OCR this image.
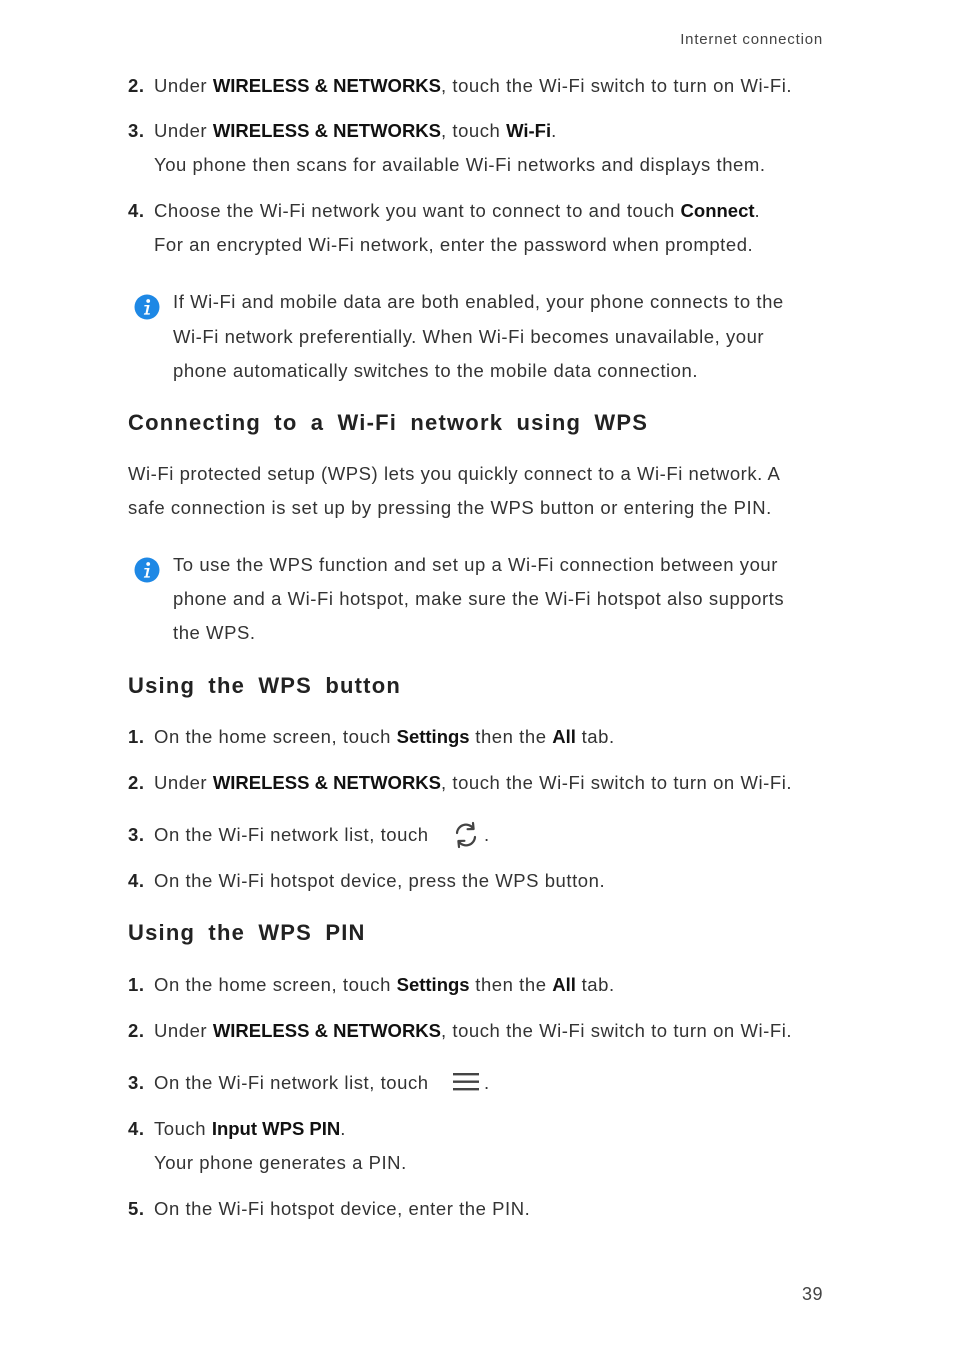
Internet connection
2. Under WIRELESS & NETWORKS, touch the Wi-Fi switch to turn on Wi-Fi.
3. Under WIRELESS & NETWORKS, touch Wi-Fi.
You phone then scans for available Wi-Fi networks and displays them.
4. Choose the Wi-Fi network you want to connect to and touch Connect.
For an encrypted Wi-Fi network, enter the password when prompted.
If Wi-Fi and mobile data are both enabled, your phone connects to the
Wi-Fi network preferentially. When Wi-Fi becomes unavailable, your
phone automatically switches to the mobile data connection.
Connecting to a Wi-Fi network using WPS
Wi-Fi protected setup (WPS) lets you quickly connect to a Wi-Fi network. A
safe connection is set up by pressing the WPS button or entering the PIN.
To use the WPS function and set up a Wi-Fi connection between your
phone and a Wi-Fi hotspot, make sure the Wi-Fi hotspot also supports
the WPS.
Using the WPS button
1. On the home screen, touch Settings then the All tab.
2. Under WIRELESS & NETWORKS, touch the Wi-Fi switch to turn on Wi-Fi.
3. On the Wi-Fi network list, touch	.
4. On the Wi-Fi hotspot device, press the WPS button.
Using the WPS PIN
1. On the home screen, touch Settings then the All tab.
2. Under WIRELESS & NETWORKS, touch the Wi-Fi switch to turn on Wi-Fi.
3. On the Wi-Fi network list, touch	.
4. Touch Input WPS PIN.
Your phone generates a PIN.
5. On the Wi-Fi hotspot device, enter the PIN.
39
